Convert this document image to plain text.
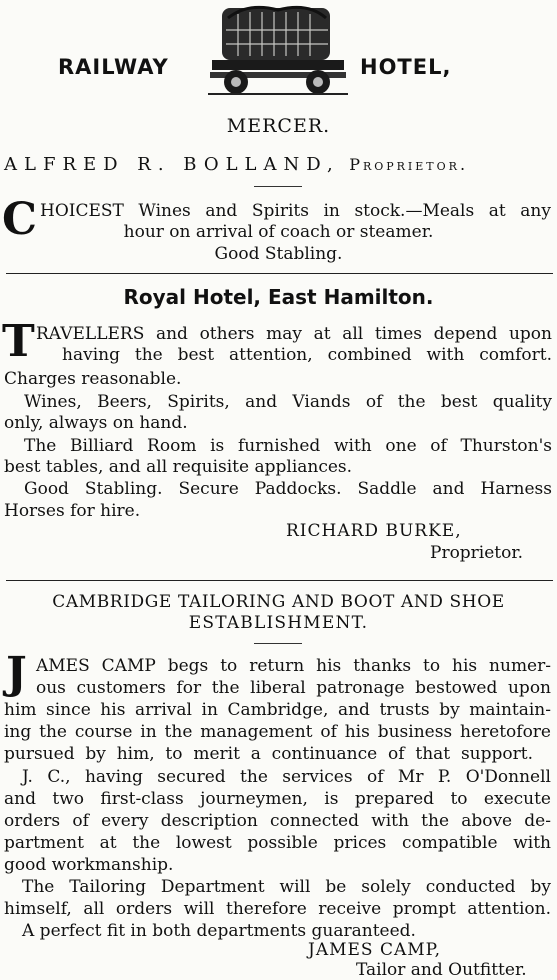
RAILWAY	HOTEL,
MERCER.
ALFRED R. BOLLAND, Proprietor.
C HOICEST Wines and Spirits in stock.—Meals at any
hour on arrival of coach or steamer.
Good Stabling.
Royal Hotel, East Hamilton.
T RAVELLERS and others may at all times depend upon
having the best attention, combined with comfort.
Charges reasonable.
Wines, Beers, Spirits, and Viands of the best quality
only, always on hand.
The Billiard Room is furnished with one of Thurston's
best tables, and all requisite appliances.
Good Stabling. Secure Paddocks. Saddle and Harness
Horses for hire.
RICHARD BURKE,
Proprietor.
CAMBRIDGE TAILORING AND BOOT AND SHOE
ESTABLISHMENT.
J AMES CAMP begs to return his thanks to his numer-
ous customers for the liberal patronage bestowed upon
him since his arrival in Cambridge, and trusts by maintain-
ing the course in the management of his business heretofore
pursued by him, to merit a continuance of that support.
J. C., having secured the services of Mr P. O'Donnell
and two first-class journeymen, is prepared to execute
orders of every description connected with the above de-
partment at the lowest possible prices compatible with
good workmanship.
The Tailoring Department will be solely conducted by
himself, all orders will therefore receive prompt attention.
A perfect fit in both departments guaranteed.
JAMES CAMP,
Tailor and Outfitter.
